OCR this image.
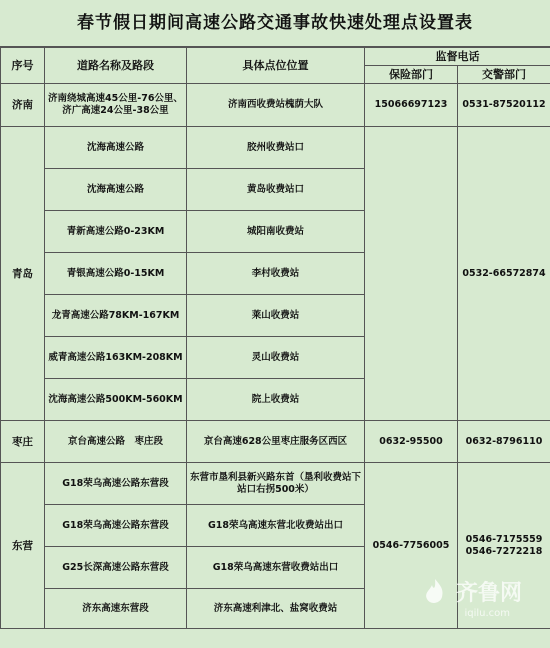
春节假日期间高速公路交通事故快速处理点设置表
序号	道路名称及路段	具体点位位置	监督电话	
			保险部门	交警部门
济南	济南绕城高速45公里-76公里、济广高速24公里-38公里	济南西收费站槐荫大队	15066697123	0531-87520112
青岛	沈海高速公路	胶州收费站口		0532-66572874
	沈海高速公路	黄岛收费站口		
	青新高速公路0-23KM	城阳南收费站		
	青银高速公路0-15KM	李村收费站		
	龙青高速公路78KM-167KM	莱山收费站		
	威青高速公路163KM-208KM	灵山收费站		
	沈海高速公路500KM-560KM	院上收费站		
枣庄	京台高速公路　枣庄段	京台高速628公里枣庄服务区西区	0632-95500	0632-8796110
东营	G18荣乌高速公路东营段	东营市垦利县新兴路东首（垦利收费站下站口右拐500米）	0546-7756005	0546-7175559 0546-7272218
	G18荣乌高速公路东营段	G18荣乌高速东营北收费站出口		
	G25长深高速公路东营段	G18荣乌高速东营收费站出口		
	济东高速东营段	济东高速利津北、盐窝收费站		
齐鲁网
iqilu.com
